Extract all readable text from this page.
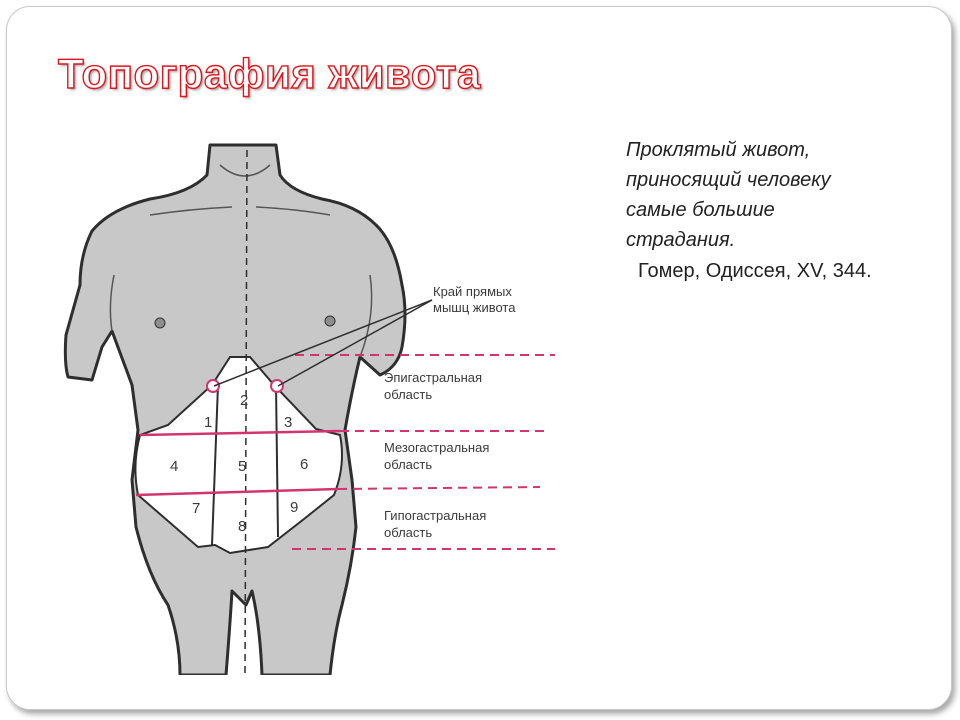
Топография живота
Проклятый живот,
приносящий человеку
самые большие
страдания.
Гомер, Одиссея, XV, 344.
1
2
3
4	5	6
7
8
9
Край прямых
мышц живота
Эпигастральная
область
Мезогастральная
область
Гипогастральная
область
